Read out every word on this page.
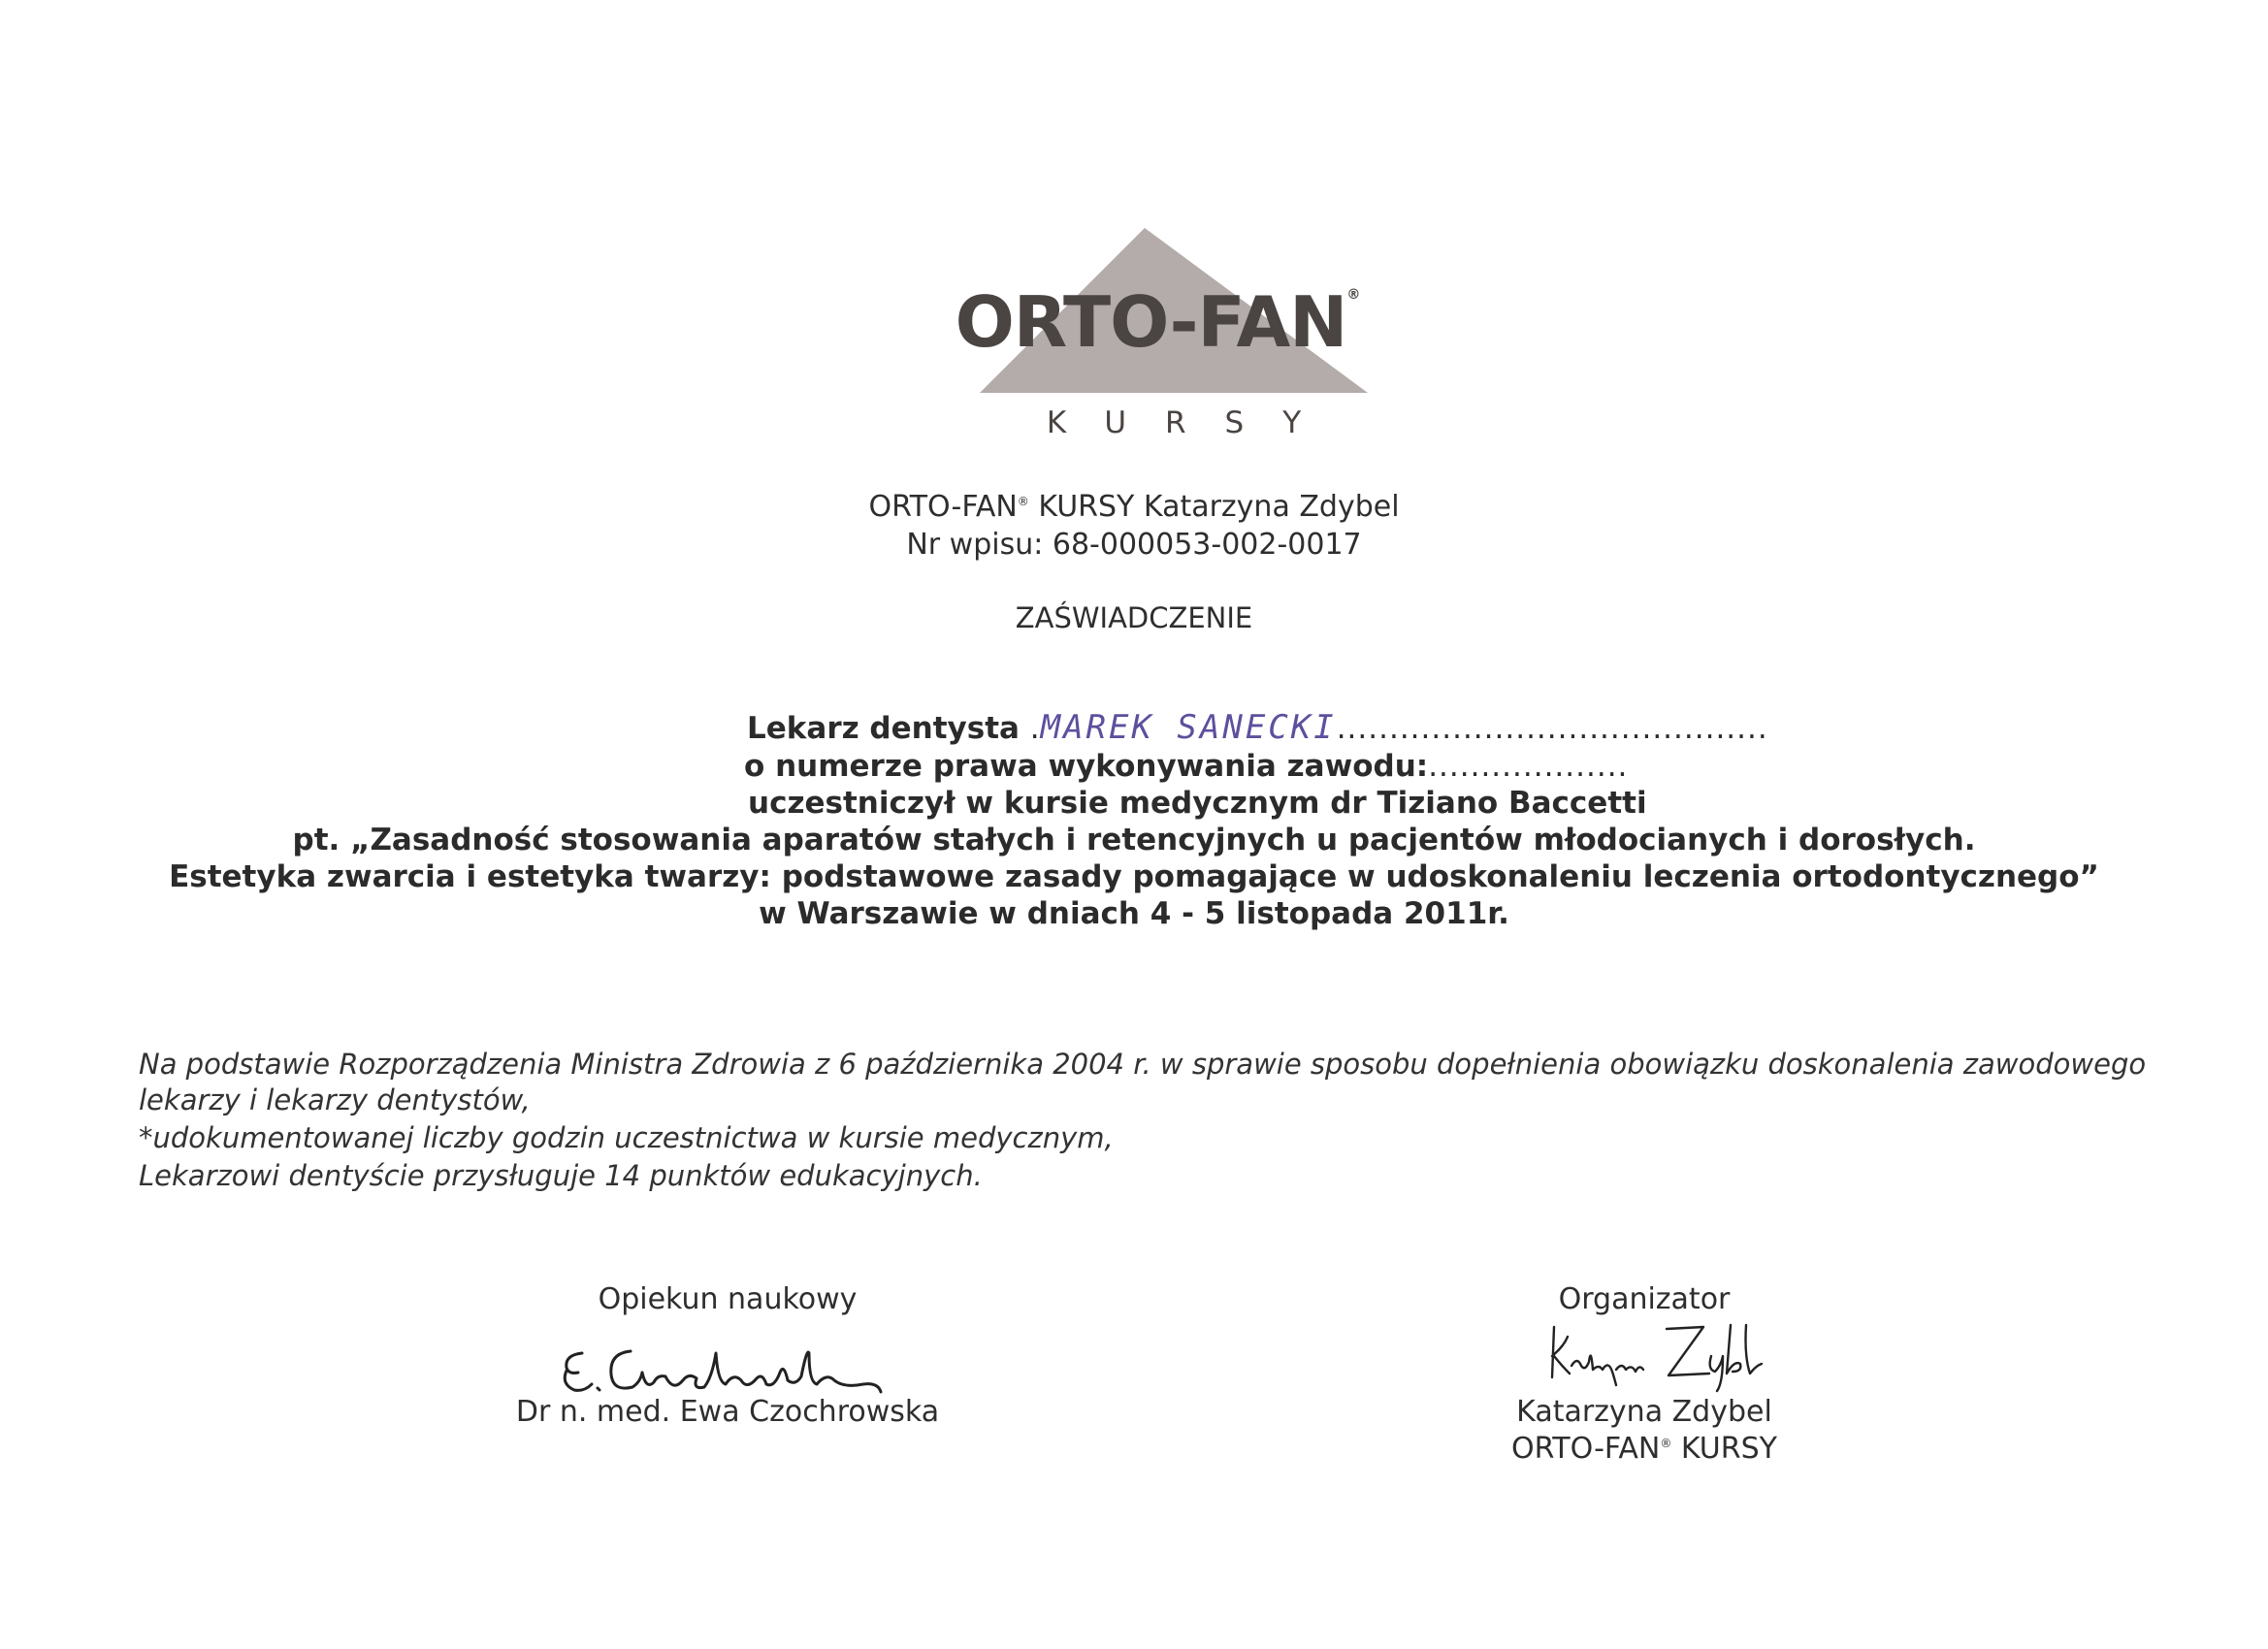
ORTO-FAN®
KURSY
ORTO-FAN® KURSY Katarzyna Zdybel
Nr wpisu: 68-000053-002-0017
ZAŚWIADCZENIE
Lekarz dentysta .MAREK SANECKI.........................................
o numerze prawa wykonywania zawodu:...................
uczestniczył w kursie medycznym dr Tiziano Baccetti
pt. „Zasadność stosowania aparatów stałych i retencyjnych u pacjentów młodocianych i dorosłych.
Estetyka zwarcia i estetyka twarzy: podstawowe zasady pomagające w udoskonaleniu leczenia ortodontycznego”
w Warszawie w dniach 4 - 5 listopada 2011r.
Na podstawie Rozporządzenia Ministra Zdrowia z 6 października 2004 r. w sprawie sposobu dopełnienia obowiązku doskonalenia zawodowego
lekarzy i lekarzy dentystów,
*udokumentowanej liczby godzin uczestnictwa w kursie medycznym,
Lekarzowi dentyście przysługuje 14 punktów edukacyjnych.
Opiekun naukowy
Dr n. med. Ewa Czochrowska
Organizator
Katarzyna Zdybel
ORTO-FAN® KURSY
